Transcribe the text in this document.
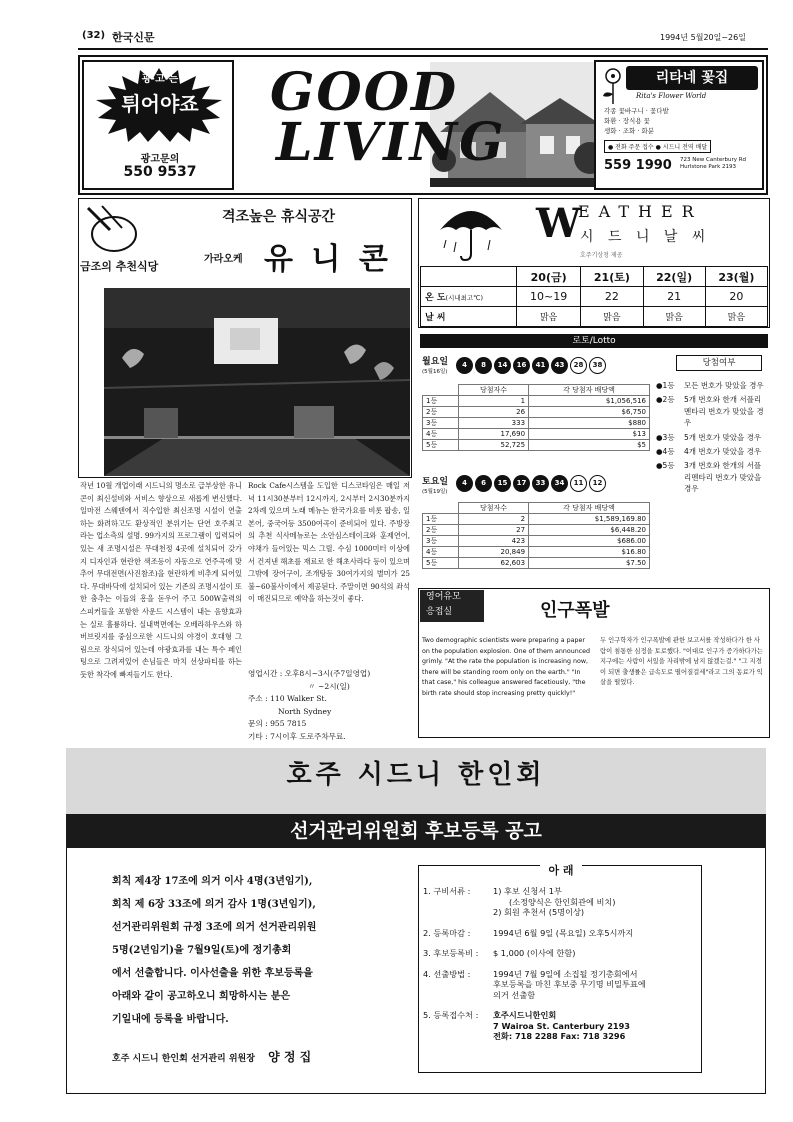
(32) 한국신문	1994년 5월20일~26일
광·고·는
튀어야죠
광고문의
550 9537
GOOD
LIVING
리타네 꽃집
Rita's Flower World
각종 꽃바구니 · 꽃다발
화환 · 장식용 꽃
생화 · 조화 · 화분
● 전화 주문 접수 ● 시드니 전역 배달
559 1990 723 New Canterbury Rd
Hurlstone Park 2193
금조의 추천식당
격조높은 휴식공간
가라오케 유 니 콘
작년 10월 개업이래 시드니의 명소로 급부상한 유니콘이 최신설비와 서비스 향상으로 새롭게 변신했다. 일마전 스웨덴에서 직수입한 최신조명 시설이 연출하는 화려하고도 환상적인 분위기는 단연 호주최고라는 업소측의 설명. 99가지의 프로그램이 입력되어 있는 새 조명시설은 무대천정 4곳에 설치되어 갖가지 디자인과 현란한 색조등이 자동으로 연주곡에 맞추어 무대전면(사진참조)을 현란하게 비추게 되어있다. 무대바닥에 설치되어 있는 기존의 조명시설이 또한 춤추는 이들의 흥을 돋우어 주고 500W출력의 스피커들을 포함한 사운드 시스템이 내는 음향효과는 실로 훌륭하다. 실내벽면에는 오베라하우스와 하버브릿지를 중심으로한 시드니의 야경이 호대형 그림으로 장식되어 있는데 야광효과를 내는 특수 페인팅으로 그려져있어 손님들은 마치 선상파티를 하는듯한 착각에 빠져들기도 한다.
Rock Cafe시스템을 도입한 디스코타임은 매일 저녁 11시30분부터 12시까지, 2시부터 2시30분까지 2차례 있으며 노래 메뉴는 한국가요를 비롯 팝송, 일본어, 중국어등 3500여곡이 준비되어 있다. 주방장의 추천 식사메뉴로는 소안심스테이크와 훈제연어, 야채가 들어있는 믹스 그릴. 수심 1000미터 이상에서 건져낸 해초를 재료로 한 해초사라다 등이 있으며 그밖에 장어구이, 조개탕등 30여가지의 별미가 25불~60불사이에서 제공된다. 주말이면 90석의 좌석이 매진되므로 예약을 하는것이 좋다.
영업시간 : 오후8시~3시(주7일영업)
〃 ~2시(일)
주소 : 110 Walker St.
North Sydney
문의 : 955 7815
기타 : 7시이후 도로주차무료.
W
EATHER
시 드 니 날 씨
호주기상청 제공
	20(금)	21(토)	22(일)	23(월)
온 도(시내최고℃)	10~19	22	21	20
날 씨	맑음	맑음	맑음	맑음
로토/Lotto
월요일
(5월16일)
4 8 14 16 41 43 28 38
	당첨자수	각 당첨자 배당액
1등	1	$1,056,516
2등	26	$6,750
3등	333	$880
4등	17,690	$13
5등	52,725	$5
토요일
(5월19일)
4 6 15 17 33 34 11 12
	당첨자수	각 당첨자 배당액
1등	2	$1,589,169.80
2등	27	$6,448.20
3등	423	$686.00
4등	20,849	$16.80
5등	62,603	$7.50
당첨여부
●1등	모든 번호가 맞았을 경우
●2등	5개 번호와 한개 서플리멘타리 번호가 맞았을 경우
●3등	5개 번호가 맞았을 경우
●4등	4개 번호가 맞았을 경우
●5등	3개 번호와 한개의 서플리멘타리 번호가 맞았을 경우
영어유모
응접실	인구폭발
Two demographic scientists were preparing a paper on the population explosion. One of them announced grimly. "At the rate the population is increasing now, there will be standing room only on the earth." "In that case," his colleague answered facetiously, "the birth rate should stop increasing pretty quickly!"
두 인구학자가 인구폭발에 관한 보고서를 작성하다가 한 사람이 침통한 심정을 토로했다. "이대로 인구가 증가하다가는 지구에는 사람이 서있을 자리밖에 남지 않겠는걸." "그 지경이 되면 출생률은 급속도로 떨어질걸세"라고 그의 동료가 익살을 떨었다.
호주 시드니 한인회
선거관리위원회 후보등록 공고
회칙 제4장 17조에 의거 이사 4명(3년임기),
회칙 제 6장 33조에 의거 감사 1명(3년임기),
선거관리위원회 규정 3조에 의거 선거관리위원
5명(2년임기)을 7월9일(토)에 정기총회
에서 선출합니다. 이사선출을 위한 후보등록을
아래와 같이 공고하오니 희망하시는 분은
기일내에 등록을 바랍니다.
호주 시드니 한인회 선거관리 위원장 양 정 집
아 래
1. 구비서류 :	1) 후보 신청서 1부
(소정양식은 한인회관에 비치)
2) 회원 추천서 (5명이상)
2. 등록마감 :	1994년 6월 9일 (목요일) 오후5시까지
3. 후보등록비 :	$ 1,000 (이사에 한함)
4. 선출방법 :	1994년 7월 9일에 소집될 정기총회에서
후보등록을 마친 후보중 무기명 비밀투표에
의거 선출함
5. 등록접수처 :	호주시드니한인회
7 Wairoa St. Canterbury 2193
전화: 718 2288 Fax: 718 3296
